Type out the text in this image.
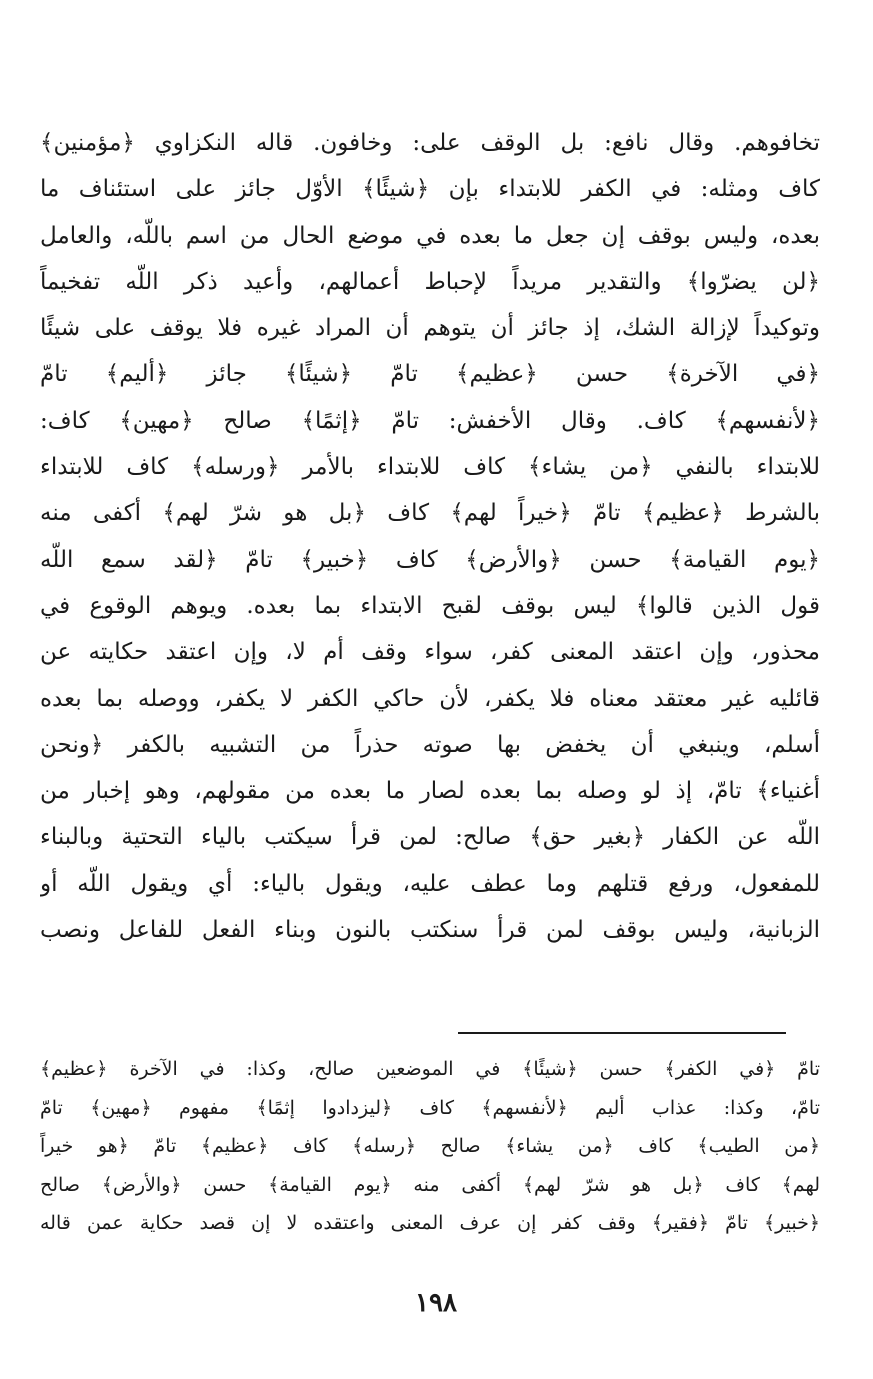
تخافوهم. وقال نافع: بل الوقف على: وخافون. قاله النكزاوي ﴿مؤمنين﴾
كاف ومثله: في الكفر للابتداء بإن ﴿شيئًا﴾ الأوّل جائز على استئناف ما
بعده، وليس بوقف إن جعل ما بعده في موضع الحال من اسم باللّه، والعامل
﴿لن يضرّوا﴾ والتقدير مريداً لإحباط أعمالهم، وأعيد ذكر اللّه تفخيماً
وتوكيداً لإزالة الشك، إذ جائز أن يتوهم أن المراد غيره فلا يوقف على شيئًا
﴿في الآخرة﴾ حسن ﴿عظيم﴾ تامّ ﴿شيئًا﴾ جائز ﴿أليم﴾ تامّ
﴿لأنفسهم﴾ كاف. وقال الأخفش: تامّ ﴿إثمًا﴾ صالح ﴿مهين﴾ كاف:
للابتداء بالنفي ﴿من يشاء﴾ كاف للابتداء بالأمر ﴿ورسله﴾ كاف للابتداء
بالشرط ﴿عظيم﴾ تامّ ﴿خيراً لهم﴾ كاف ﴿بل هو شرّ لهم﴾ أكفى منه
﴿يوم القيامة﴾ حسن ﴿والأرض﴾ كاف ﴿خبير﴾ تامّ ﴿لقد سمع اللّه
قول الذين قالوا﴾ ليس بوقف لقبح الابتداء بما بعده. ويوهم الوقوع في
محذور، وإن اعتقد المعنى كفر، سواء وقف أم لا، وإن اعتقد حكايته عن
قائليه غير معتقد معناه فلا يكفر، لأن حاكي الكفر لا يكفر، ووصله بما بعده
أسلم، وينبغي أن يخفض بها صوته حذراً من التشبيه بالكفر ﴿ونحن
أغنياء﴾ تامّ، إذ لو وصله بما بعده لصار ما بعده من مقولهم، وهو إخبار من
اللّه عن الكفار ﴿بغير حق﴾ صالح: لمن قرأ سيكتب بالياء التحتية وبالبناء
للمفعول، ورفع قتلهم وما عطف عليه، ويقول بالياء: أي ويقول اللّه أو
الزبانية، وليس بوقف لمن قرأ سنكتب بالنون وبناء الفعل للفاعل ونصب
تامّ ﴿في الكفر﴾ حسن ﴿شيئًا﴾ في الموضعين صالح، وكذا: في الآخرة ﴿عظيم﴾
تامّ، وكذا: عذاب أليم ﴿لأنفسهم﴾ كاف ﴿ليزدادوا إثمًا﴾ مفهوم ﴿مهين﴾ تامّ
﴿من الطيب﴾ كاف ﴿من يشاء﴾ صالح ﴿رسله﴾ كاف ﴿عظيم﴾ تامّ ﴿هو خيراً
لهم﴾ كاف ﴿بل هو شرّ لهم﴾ أكفى منه ﴿يوم القيامة﴾ حسن ﴿والأرض﴾ صالح
﴿خبير﴾ تامّ ﴿فقير﴾ وقف كفر إن عرف المعنى واعتقده لا إن قصد حكاية عمن قاله
١٩٨
